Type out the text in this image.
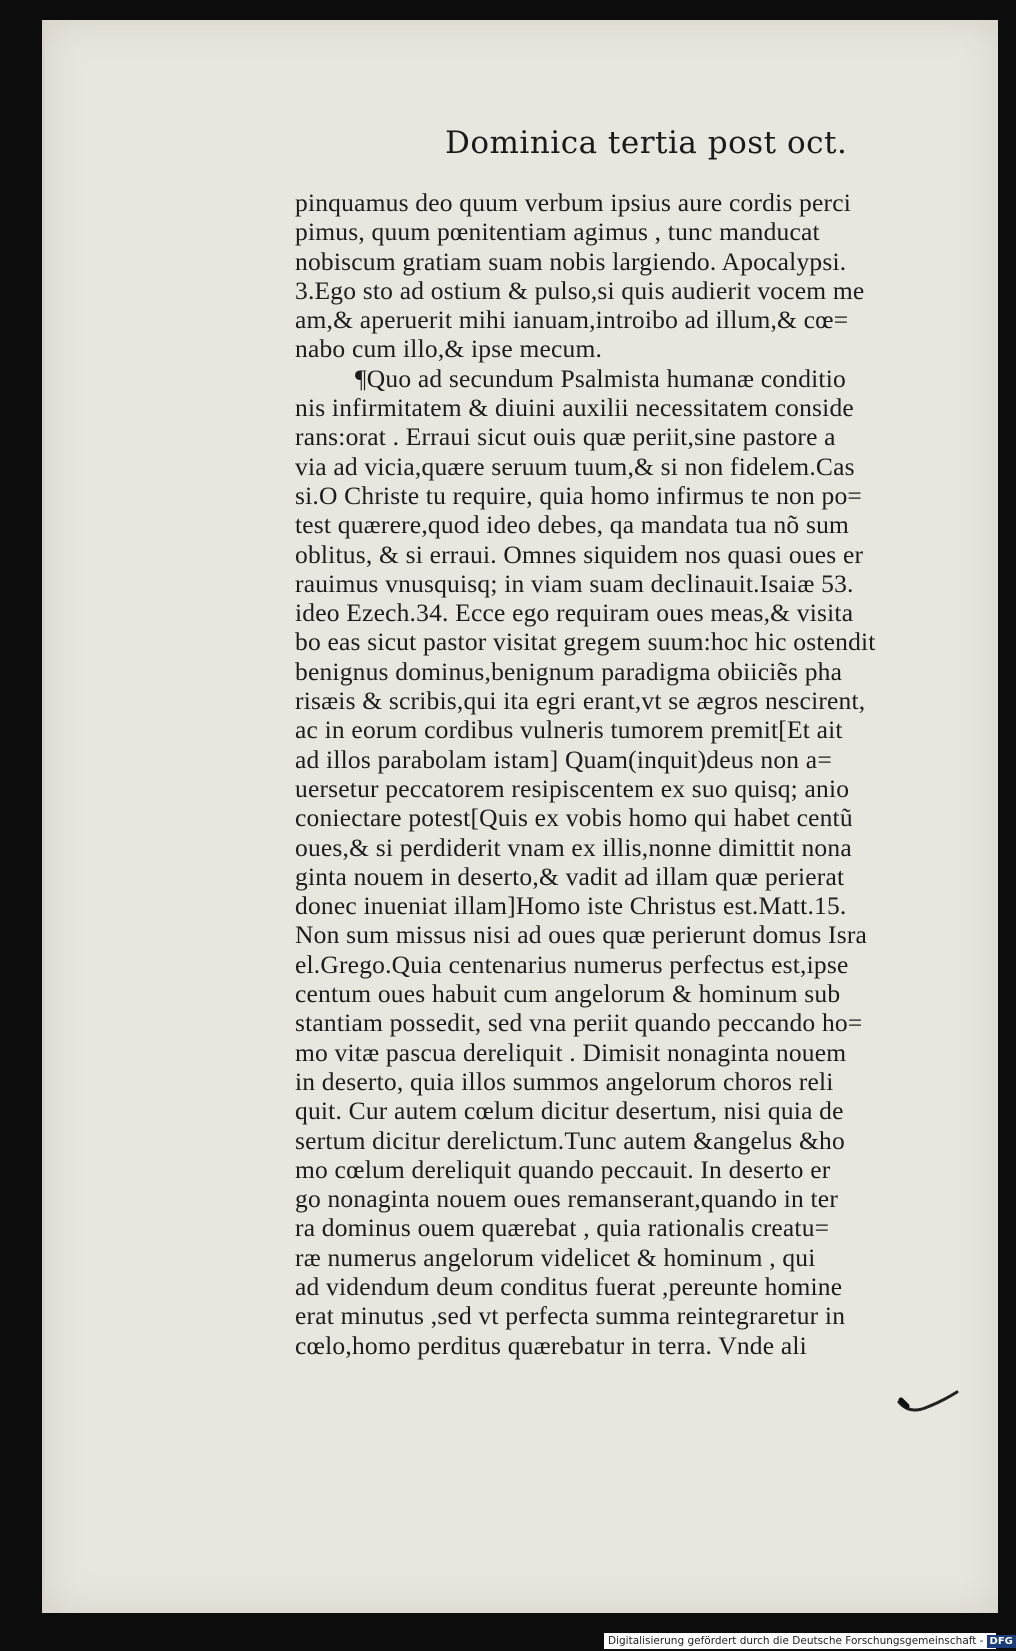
Dominica tertia post oct.
pinquamus deo quum verbum ipsius aure cordis perci
pimus, quum pœnitentiam agimus , tunc manducat
nobiscum gratiam suam nobis largiendo. Apocalypsi.
3.Ego sto ad ostium & pulso,si quis audierit vocem me
am,& aperuerit mihi ianuam,introibo ad illum,& cœ=
nabo cum illo,& ipse mecum.
¶Quo ad secundum Psalmista humanæ conditio
nis infirmitatem & diuini auxilii necessitatem conside
rans:orat . Erraui sicut ouis quæ periit,sine pastore a
via ad vicia,quære seruum tuum,& si non fidelem.Cas
si.O Christe tu require, quia homo infirmus te non po=
test quærere,quod ideo debes, qa mandata tua nõ sum
oblitus, & si erraui. Omnes siquidem nos quasi oues er
rauimus vnusquisq; in viam suam declinauit.Isaiæ 53.
ideo Ezech.34. Ecce ego requiram oues meas,& visita
bo eas sicut pastor visitat gregem suum:hoc hic ostendit
benignus dominus,benignum paradigma obiiciẽs pha
risæis & scribis,qui ita egri erant,vt se ægros nescirent,
ac in eorum cordibus vulneris tumorem premit[Et ait
ad illos parabolam istam] Quam(inquit)deus non a=
uersetur peccatorem resipiscentem ex suo quisq; anio
coniectare potest[Quis ex vobis homo qui habet centũ
oues,& si perdiderit vnam ex illis,nonne dimittit nona
ginta nouem in deserto,& vadit ad illam quæ perierat
donec inueniat illam]Homo iste Christus est.Matt.15.
Non sum missus nisi ad oues quæ perierunt domus Isra
el.Grego.Quia centenarius numerus perfectus est,ipse
centum oues habuit cum angelorum & hominum sub
stantiam possedit, sed vna periit quando peccando ho=
mo vitæ pascua dereliquit . Dimisit nonaginta nouem
in deserto, quia illos summos angelorum choros reli
quit. Cur autem cœlum dicitur desertum, nisi quia de
sertum dicitur derelictum.Tunc autem &angelus &ho
mo cœlum dereliquit quando peccauit. In deserto er
go nonaginta nouem oues remanserant,quando in ter
ra dominus ouem quærebat , quia rationalis creatu=
ræ numerus angelorum videlicet & hominum , qui
ad videndum deum conditus fuerat ,pereunte homine
erat minutus ,sed vt perfecta summa reintegraretur in
cœlo,homo perditus quærebatur in terra. Vnde ali
Digitalisierung gefördert durch die Deutsche Forschungsgemeinschaft - DFG
